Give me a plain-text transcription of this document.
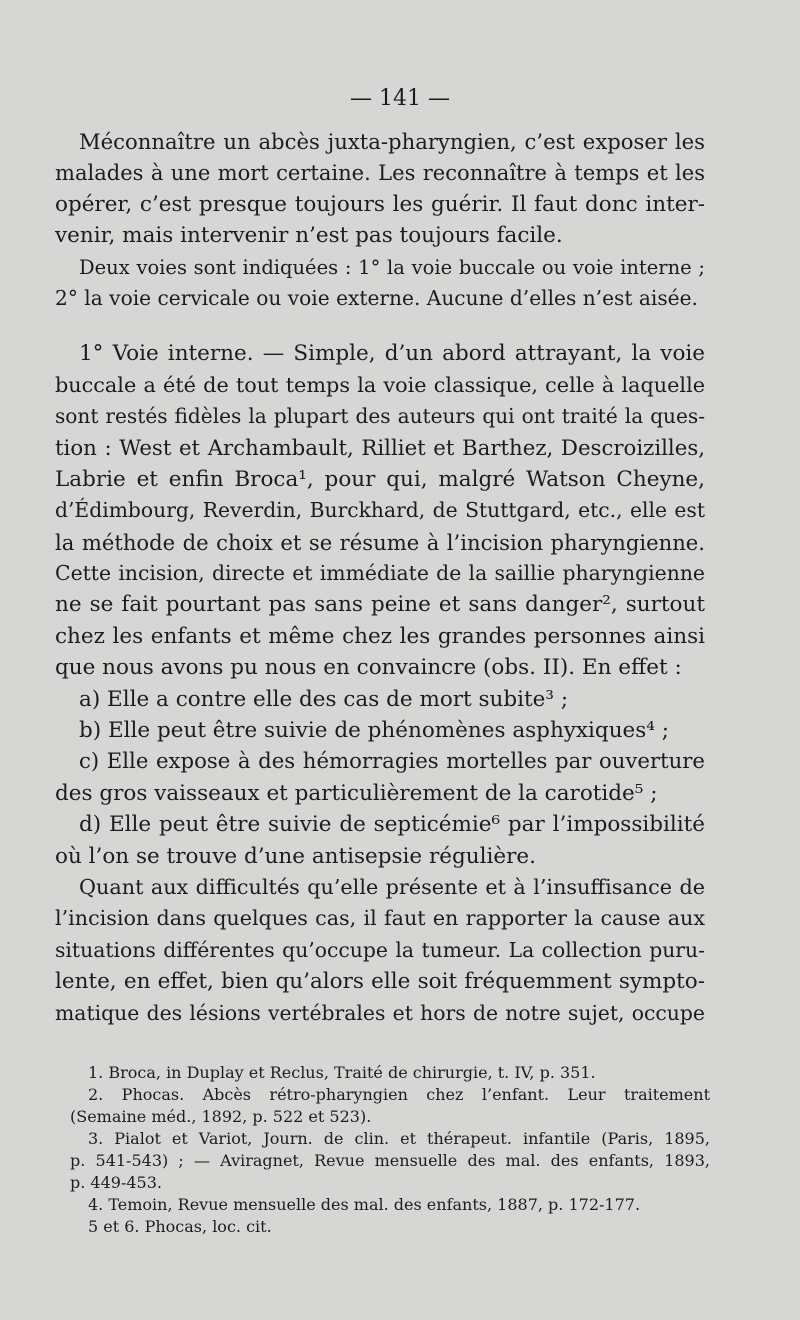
— 141 —
Méconnaître un abcès juxta-pharyngien, c’est exposer les
malades à une mort certaine. Les reconnaître à temps et les
opérer, c’est presque toujours les guérir. Il faut donc inter-
venir, mais intervenir n’est pas toujours facile.
Deux voies sont indiquées : 1° la voie buccale ou voie interne ;
2° la voie cervicale ou voie externe. Aucune d’elles n’est aisée.
1° Voie interne. — Simple, d’un abord attrayant, la voie
buccale a été de tout temps la voie classique, celle à laquelle
sont restés fidèles la plupart des auteurs qui ont traité la ques-
tion : West et Archambault, Rilliet et Barthez, Descroizilles,
Labrie et enfin Broca¹, pour qui, malgré Watson Cheyne,
d’Édimbourg, Reverdin, Burckhard, de Stuttgard, etc., elle est
la méthode de choix et se résume à l’incision pharyngienne.
Cette incision, directe et immédiate de la saillie pharyngienne
ne se fait pourtant pas sans peine et sans danger², surtout
chez les enfants et même chez les grandes personnes ainsi
que nous avons pu nous en convaincre (obs. II). En effet :
a) Elle a contre elle des cas de mort subite³ ;
b) Elle peut être suivie de phénomènes asphyxiques⁴ ;
c) Elle expose à des hémorragies mortelles par ouverture
des gros vaisseaux et particulièrement de la carotide⁵ ;
d) Elle peut être suivie de septicémie⁶ par l’impossibilité
où l’on se trouve d’une antisepsie régulière.
Quant aux difficultés qu’elle présente et à l’insuffisance de
l’incision dans quelques cas, il faut en rapporter la cause aux
situations différentes qu’occupe la tumeur. La collection puru-
lente, en effet, bien qu’alors elle soit fréquemment sympto-
matique des lésions vertébrales et hors de notre sujet, occupe
1. Broca, in Duplay et Reclus, Traité de chirurgie, t. IV, p. 351.
2. Phocas. Abcès rétro-pharyngien chez l’enfant. Leur traitement
(Semaine méd., 1892, p. 522 et 523).
3. Pialot et Variot, Journ. de clin. et thérapeut. infantile (Paris, 1895,
p. 541-543) ; — Aviragnet, Revue mensuelle des mal. des enfants, 1893,
p. 449-453.
4. Temoin, Revue mensuelle des mal. des enfants, 1887, p. 172-177.
5 et 6. Phocas, loc. cit.
